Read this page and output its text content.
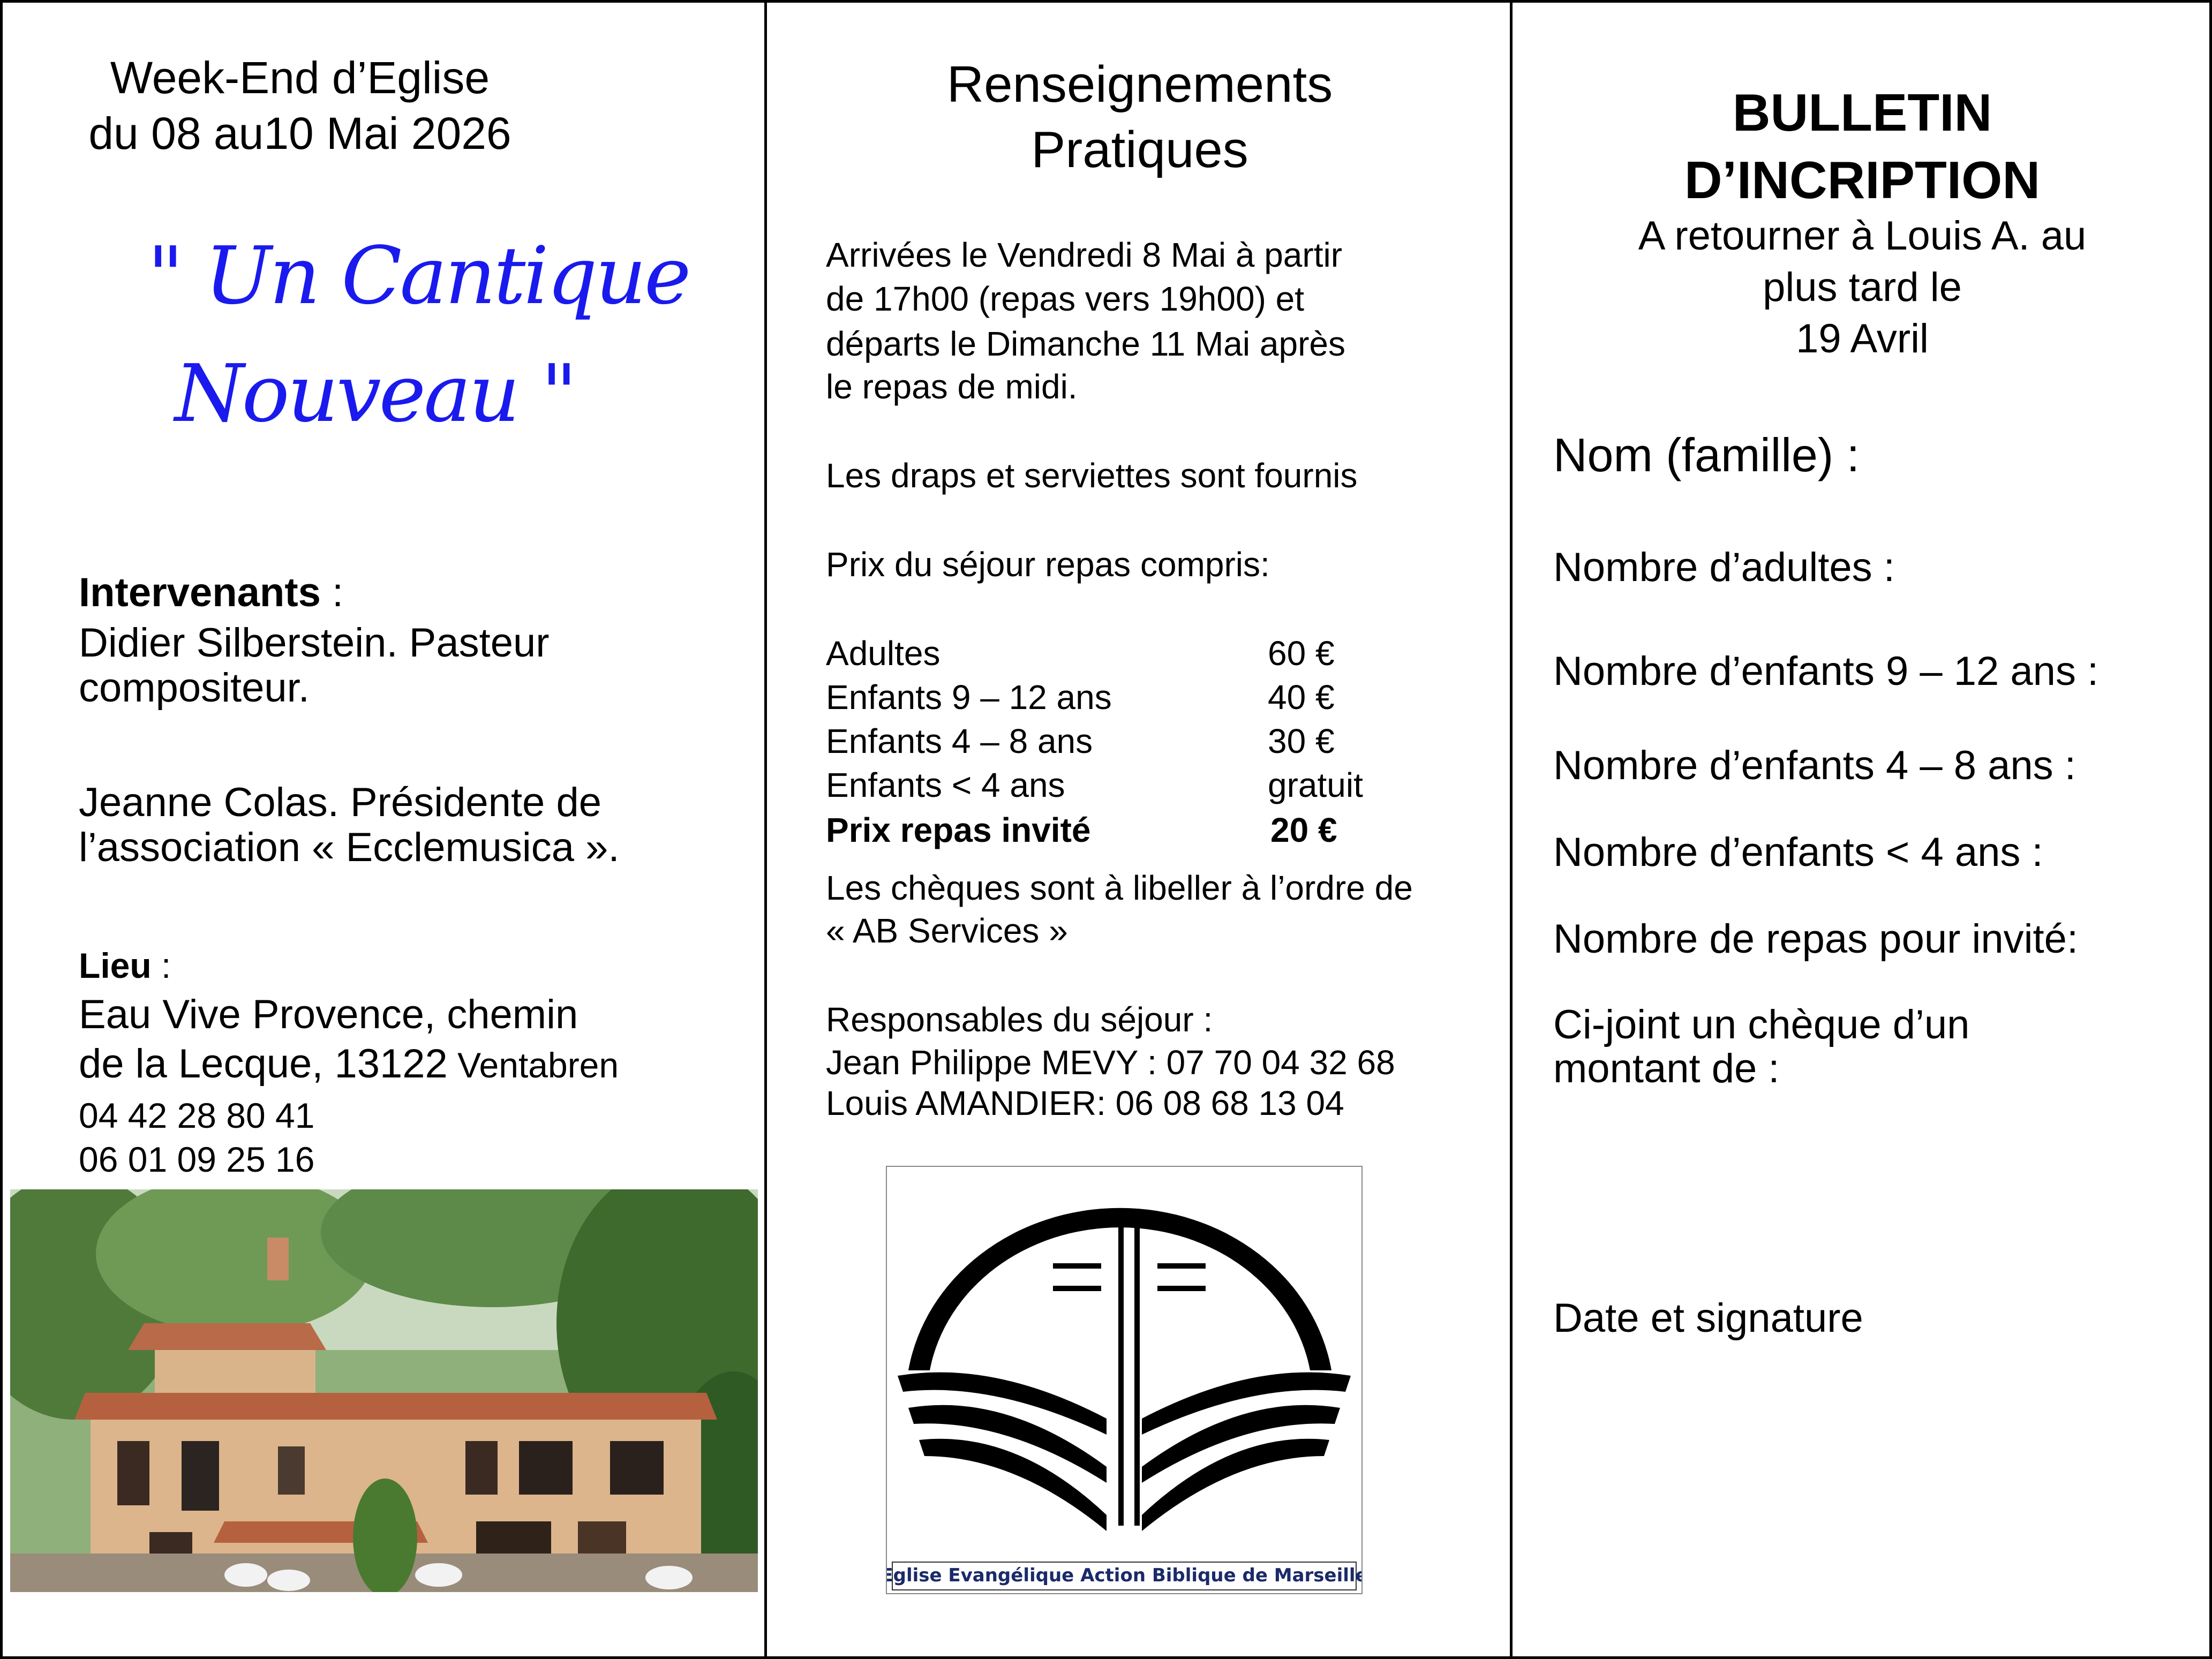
Week-End d’Eglise
du 08 au10 Mai 2026
" Un Cantique
Nouveau "
Intervenants :
Didier Silberstein. Pasteur
compositeur.
Jeanne Colas. Présidente de
l’association « Ecclemusica ».
Lieu :
Eau Vive Provence, chemin
de la Lecque, 13122 Ventabren
04 42 28 80 41
06 01 09 25 16
Renseignements
Pratiques
Arrivées le Vendredi 8 Mai à partir
de 17h00 (repas vers 19h00) et
départs le Dimanche 11 Mai après
le repas de midi.
Les draps et serviettes sont fournis
Prix du séjour repas compris:
Adultes	60 €
Enfants 9 – 12 ans	40 €
Enfants 4 – 8 ans	30 €
Enfants < 4 ans	gratuit
Prix repas invité	20 €
Les chèques sont à libeller à l’ordre de
« AB Services »
Responsables du séjour :
Jean Philippe MEVY : 07 70 04 32 68
Louis AMANDIER: 06 08 68 13 04
Eglise Evangélique Action Biblique de Marseille
BULLETIN
D’INCRIPTION
A retourner à Louis A. au
plus tard le
19 Avril
Nom (famille) :
Nombre d’adultes :
Nombre d’enfants 9 – 12 ans :
Nombre d’enfants 4 – 8 ans :
Nombre d’enfants < 4 ans :
Nombre de repas pour invité:
Ci-joint un chèque d’un
montant de :
Date et signature
